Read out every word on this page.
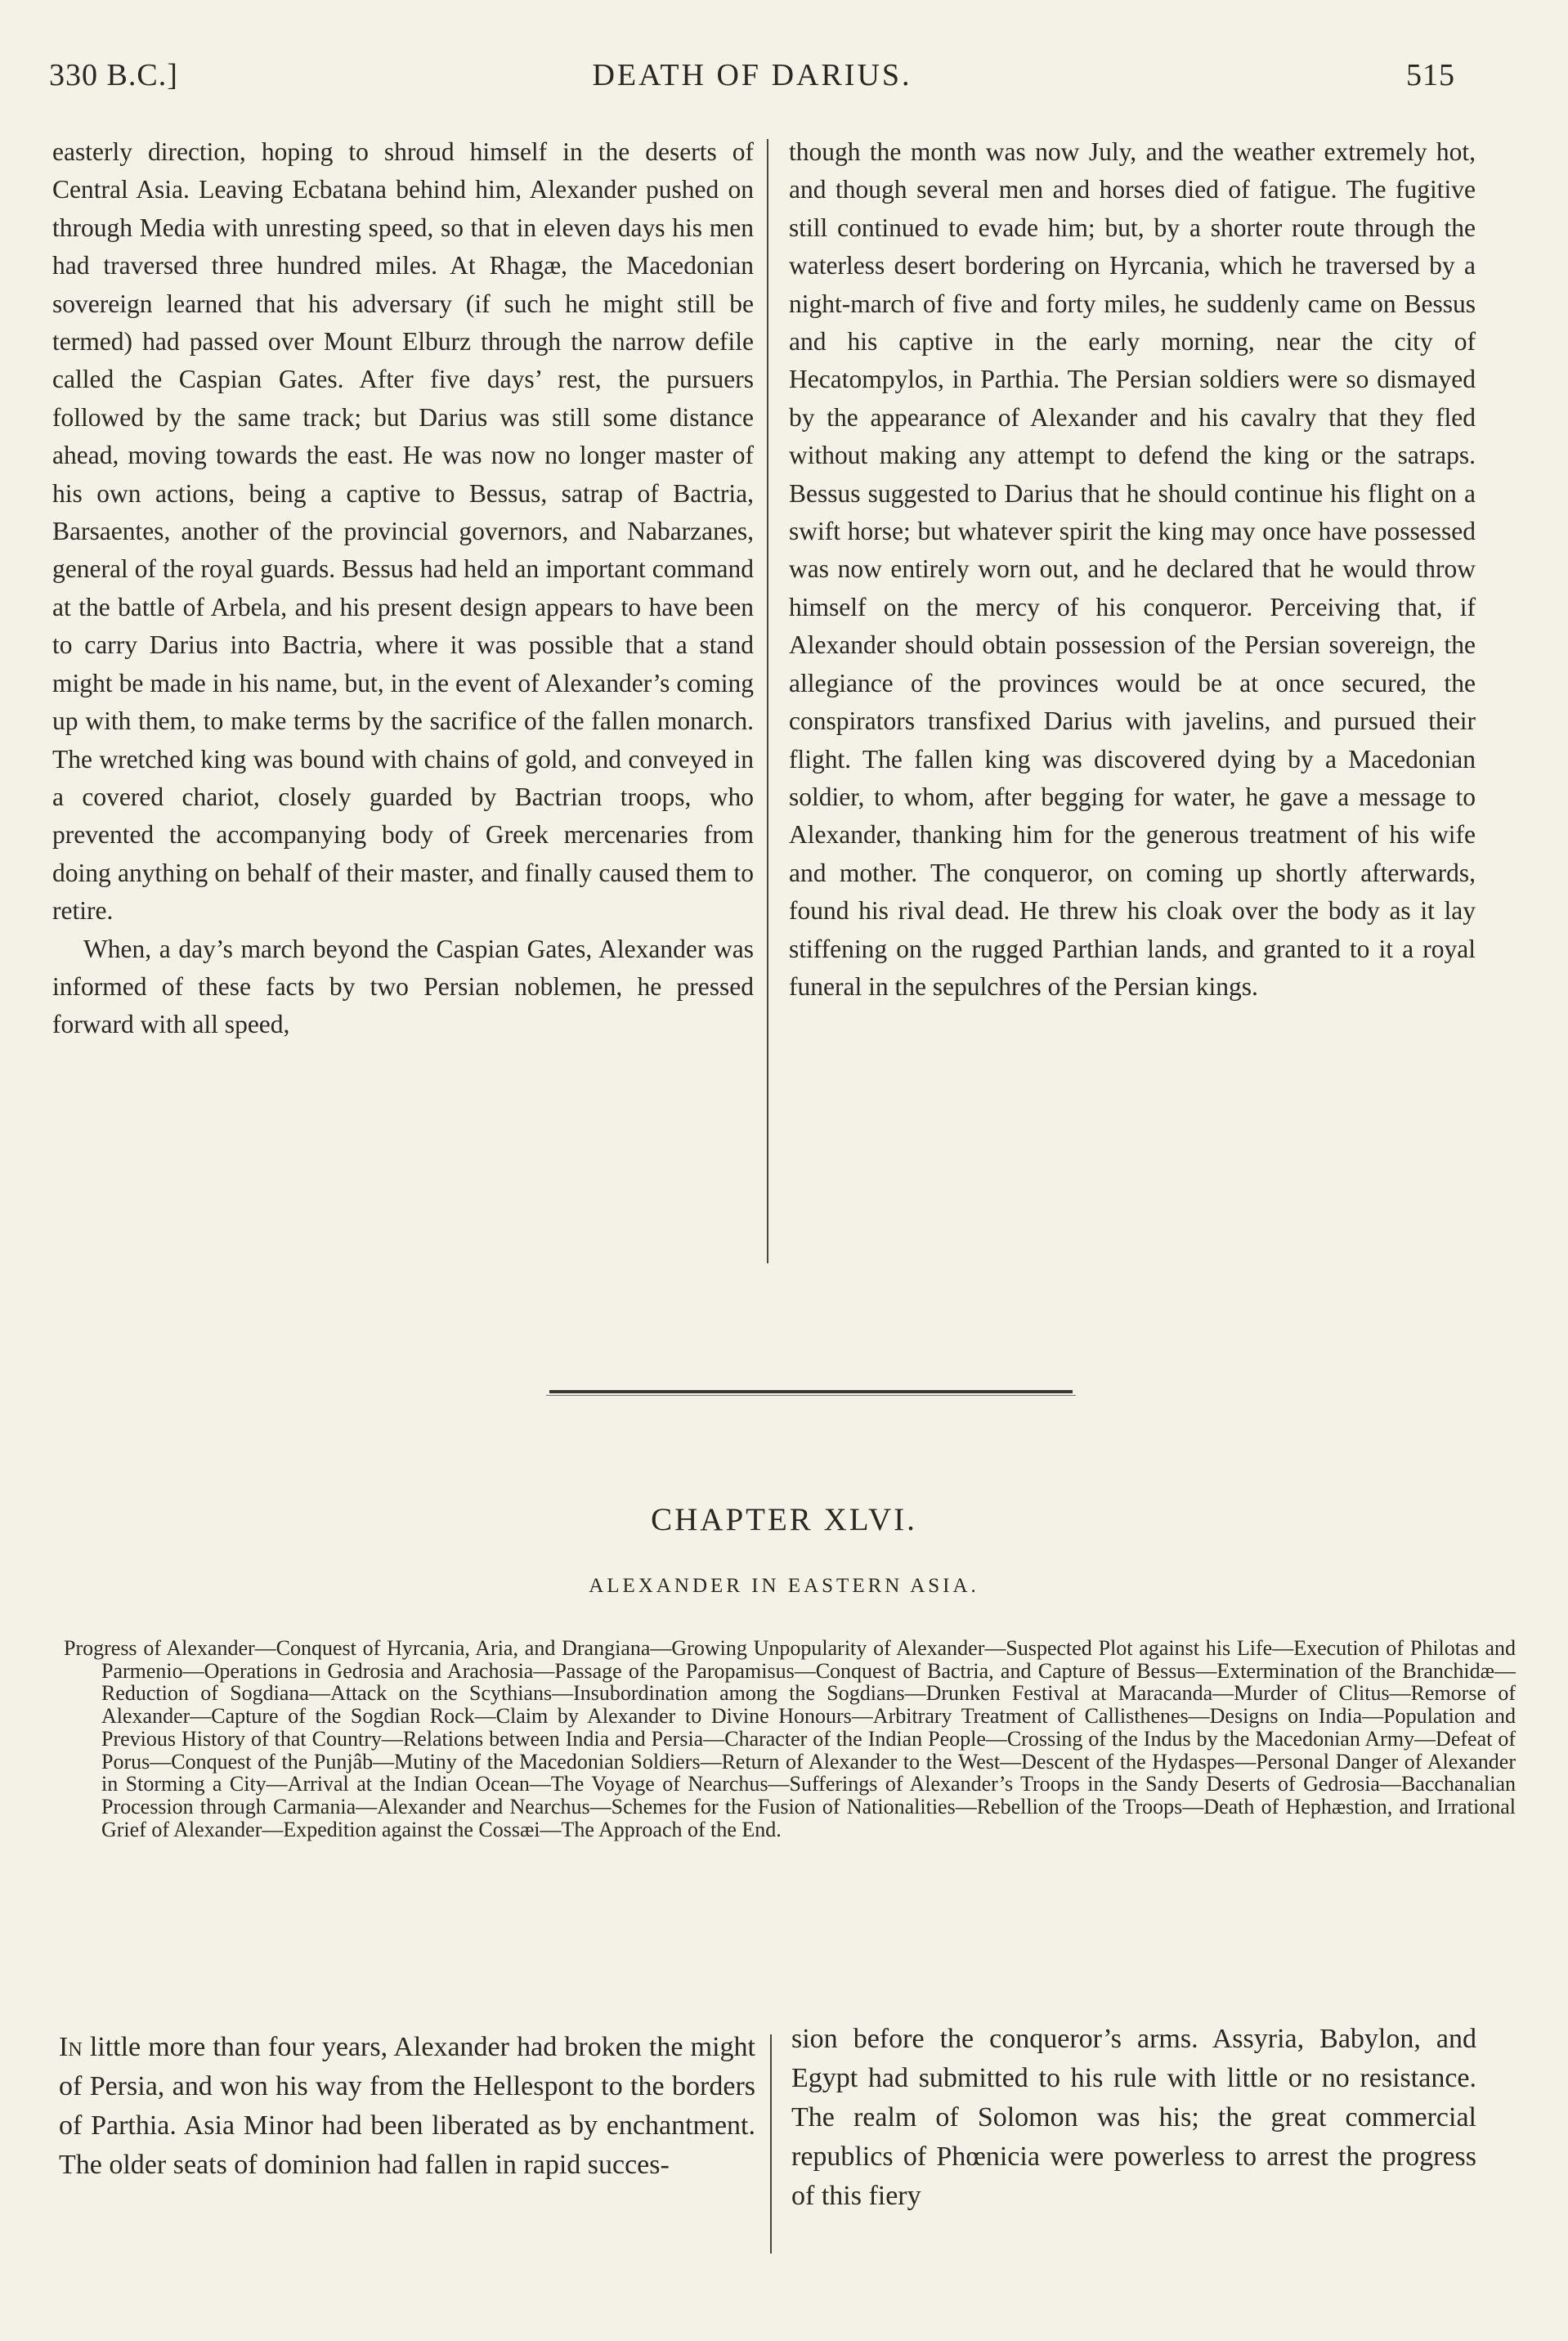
330 B.C.]	DEATH OF DARIUS.	515

easterly direction, hoping to shroud himself in the deserts of Central Asia. Leaving Ecbatana behind him, Alexander pushed on through Media with unresting speed, so that in eleven days his men had traversed three hundred miles. At Rhagæ, the Macedonian sovereign learned that his adversary (if such he might still be termed) had passed over Mount Elburz through the narrow defile called the Caspian Gates. After five days’ rest, the pursuers followed by the same track; but Darius was still some distance ahead, moving towards the east. He was now no longer master of his own actions, being a captive to Bessus, satrap of Bactria, Barsaentes, another of the provincial governors, and Nabarzanes, general of the royal guards. Bessus had held an important command at the battle of Arbela, and his present design appears to have been to carry Darius into Bactria, where it was possible that a stand might be made in his name, but, in the event of Alexander’s coming up with them, to make terms by the sacrifice of the fallen monarch. The wretched king was bound with chains of gold, and conveyed in a covered chariot, closely guarded by Bactrian troops, who prevented the accompanying body of Greek mercenaries from doing anything on behalf of their master, and finally caused them to retire.

When, a day’s march beyond the Caspian Gates, Alexander was informed of these facts by two Persian noblemen, he pressed forward with all speed,

though the month was now July, and the weather extremely hot, and though several men and horses died of fatigue. The fugitive still continued to evade him; but, by a shorter route through the waterless desert bordering on Hyrcania, which he traversed by a night-march of five and forty miles, he suddenly came on Bessus and his captive in the early morning, near the city of Hecatompylos, in Parthia. The Persian soldiers were so dismayed by the appearance of Alexander and his cavalry that they fled without making any attempt to defend the king or the satraps. Bessus suggested to Darius that he should continue his flight on a swift horse; but whatever spirit the king may once have possessed was now entirely worn out, and he declared that he would throw himself on the mercy of his conqueror. Perceiving that, if Alexander should obtain possession of the Persian sovereign, the allegiance of the provinces would be at once secured, the conspirators transfixed Darius with javelins, and pursued their flight. The fallen king was discovered dying by a Macedonian soldier, to whom, after begging for water, he gave a message to Alexander, thanking him for the generous treatment of his wife and mother. The conqueror, on coming up shortly afterwards, found his rival dead. He threw his cloak over the body as it lay stiffening on the rugged Parthian lands, and granted to it a royal funeral in the sepulchres of the Persian kings.

CHAPTER XLVI.
ALEXANDER IN EASTERN ASIA.

Progress of Alexander—Conquest of Hyrcania, Aria, and Drangiana—Growing Unpopularity of Alexander—Suspected Plot against his Life—Execution of Philotas and Parmenio—Operations in Gedrosia and Arachosia—Passage of the Paropamisus—Conquest of Bactria, and Capture of Bessus—Extermination of the Branchidæ—Reduction of Sogdiana—Attack on the Scythians—Insubordination among the Sogdians—Drunken Festival at Maracanda—Murder of Clitus—Remorse of Alexander—Capture of the Sogdian Rock—Claim by Alexander to Divine Honours—Arbitrary Treatment of Callisthenes—Designs on India—Population and Previous History of that Country—Relations between India and Persia—Character of the Indian People—Crossing of the Indus by the Macedonian Army—Defeat of Porus—Conquest of the Punjâb—Mutiny of the Macedonian Soldiers—Return of Alexander to the West—Descent of the Hydaspes—Personal Danger of Alexander in Storming a City—Arrival at the Indian Ocean—The Voyage of Nearchus—Sufferings of Alexander’s Troops in the Sandy Deserts of Gedrosia—Bacchanalian Procession through Carmania—Alexander and Nearchus—Schemes for the Fusion of Nationalities—Rebellion of the Troops—Death of Hephæstion, and Irrational Grief of Alexander—Expedition against the Cossæi—The Approach of the End.

In little more than four years, Alexander had broken the might of Persia, and won his way from the Hellespont to the borders of Parthia. Asia Minor had been liberated as by enchantment. The older seats of dominion had fallen in rapid succes-

sion before the conqueror’s arms. Assyria, Babylon, and Egypt had submitted to his rule with little or no resistance. The realm of Solomon was his; the great commercial republics of Phœnicia were powerless to arrest the progress of this fiery
